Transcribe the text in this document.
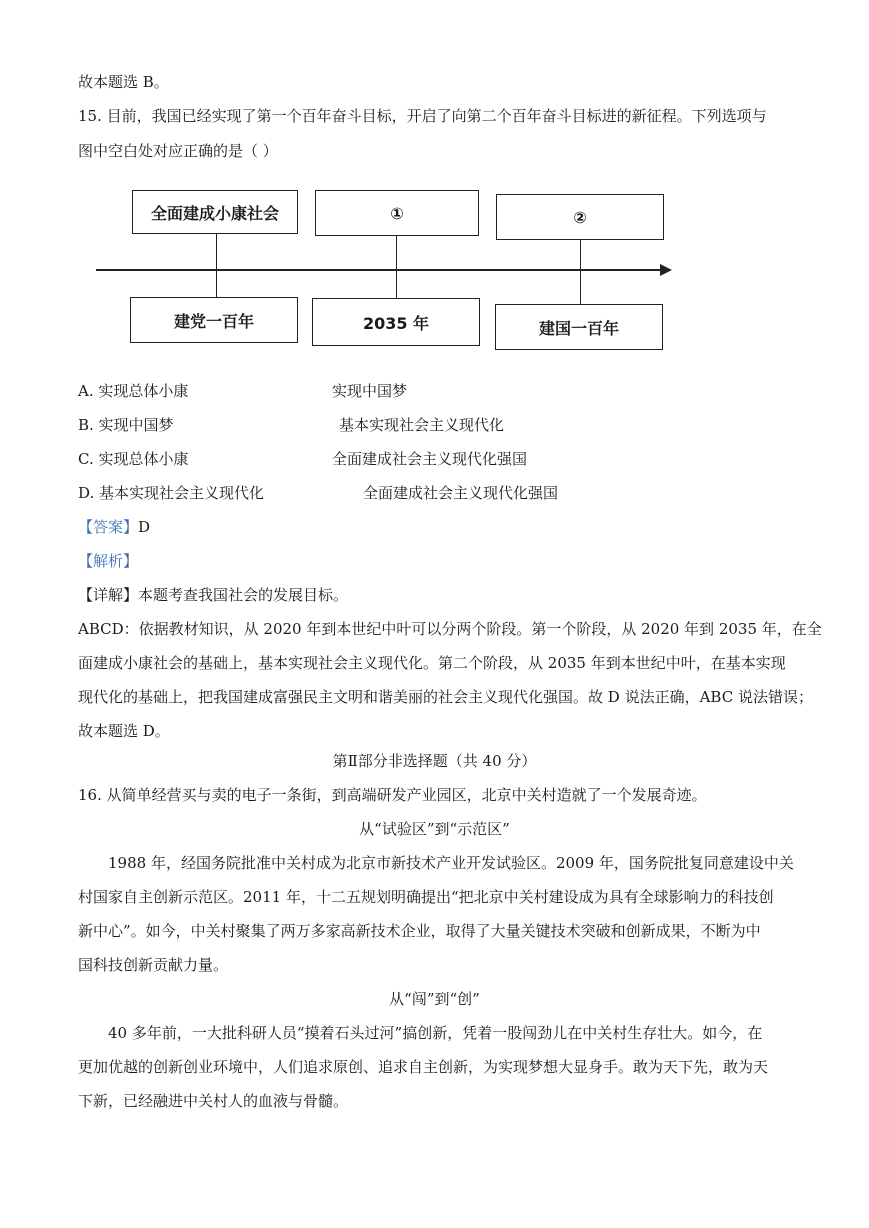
故本题选 B。
15. 目前，我国已经实现了第一个百年奋斗目标，开启了向第二个百年奋斗目标进的新征程。下列选项与
图中空白处对应正确的是（ ）
全面建成小康社会	①	②
建党一百年	2035 年	建国一百年
A. 实现总体小康	实现中国梦
B. 实现中国梦	基本实现社会主义现代化
C. 实现总体小康	全面建成社会主义现代化强国
D. 基本实现社会主义现代化	全面建成社会主义现代化强国
【答案】D
【解析】
【详解】本题考查我国社会的发展目标。
ABCD：依据教材知识，从 2020 年到本世纪中叶可以分两个阶段。第一个阶段，从 2020 年到 2035 年，在全
面建成小康社会的基础上，基本实现社会主义现代化。第二个阶段，从 2035 年到本世纪中叶，在基本实现
现代化的基础上，把我国建成富强民主文明和谐美丽的社会主义现代化强国。故 D 说法正确，ABC 说法错误；
故本题选 D。
第Ⅱ部分非选择题（共 40 分）
16. 从简单经营买与卖的电子一条街，到高端研发产业园区，北京中关村造就了一个发展奇迹。
从“试验区”到“示范区”
1988 年，经国务院批准中关村成为北京市新技术产业开发试验区。2009 年，国务院批复同意建设中关
村国家自主创新示范区。2011 年，十二五规划明确提出“把北京中关村建设成为具有全球影响力的科技创
新中心”。如今，中关村聚集了两万多家高新技术企业，取得了大量关键技术突破和创新成果，不断为中
国科技创新贡献力量。
从“闯”到“创”
40 多年前，一大批科研人员“摸着石头过河”搞创新，凭着一股闯劲儿在中关村生存壮大。如今，在
更加优越的创新创业环境中，人们追求原创、追求自主创新，为实现梦想大显身手。敢为天下先，敢为天
下新，已经融进中关村人的血液与骨髓。
